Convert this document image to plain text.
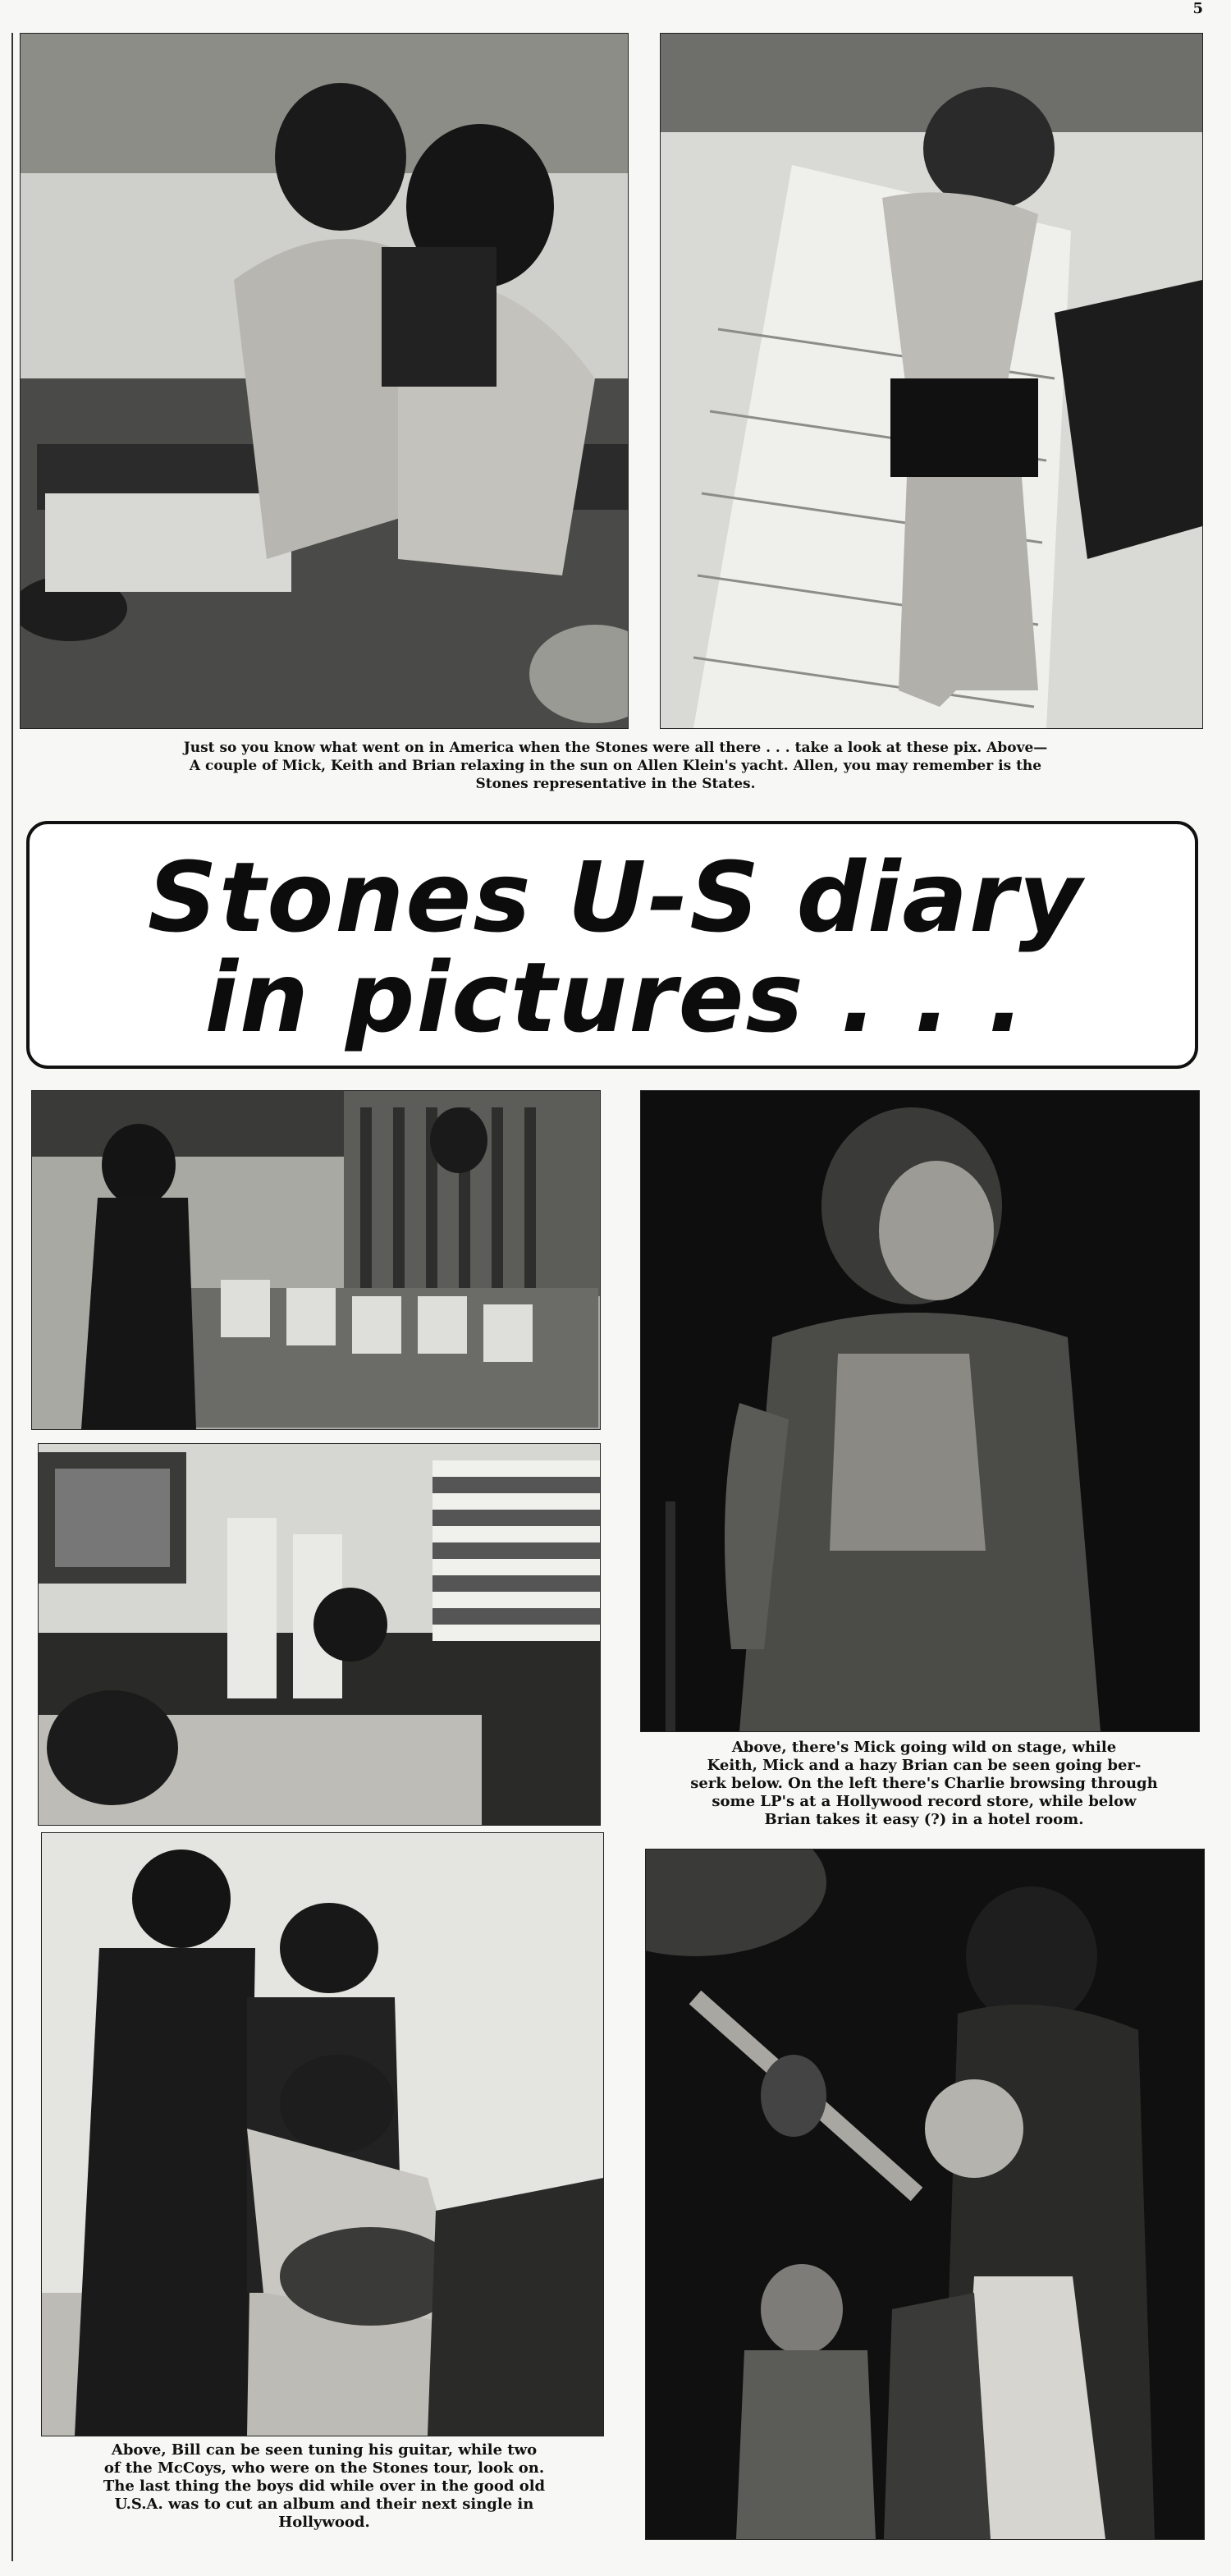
5

Just so you know what went on in America when the Stones were all there . . . take a look at these pix. Above—

A couple of Mick, Keith and Brian relaxing in the sun on Allen Klein's yacht. Allen, you may remember is the

Stones representative in the States.

Stones U-S diary
in pictures . . .

Above, there's Mick going wild on stage, while

Keith, Mick and a hazy Brian can be seen going ber-

serk below. On the left there's Charlie browsing through

some LP's at a Hollywood record store, while below

Brian takes it easy (?) in a hotel room.

Above, Bill can be seen tuning his guitar, while two

of the McCoys, who were on the Stones tour, look on.

The last thing the boys did while over in the good old

U.S.A. was to cut an album and their next single in

Hollywood.
